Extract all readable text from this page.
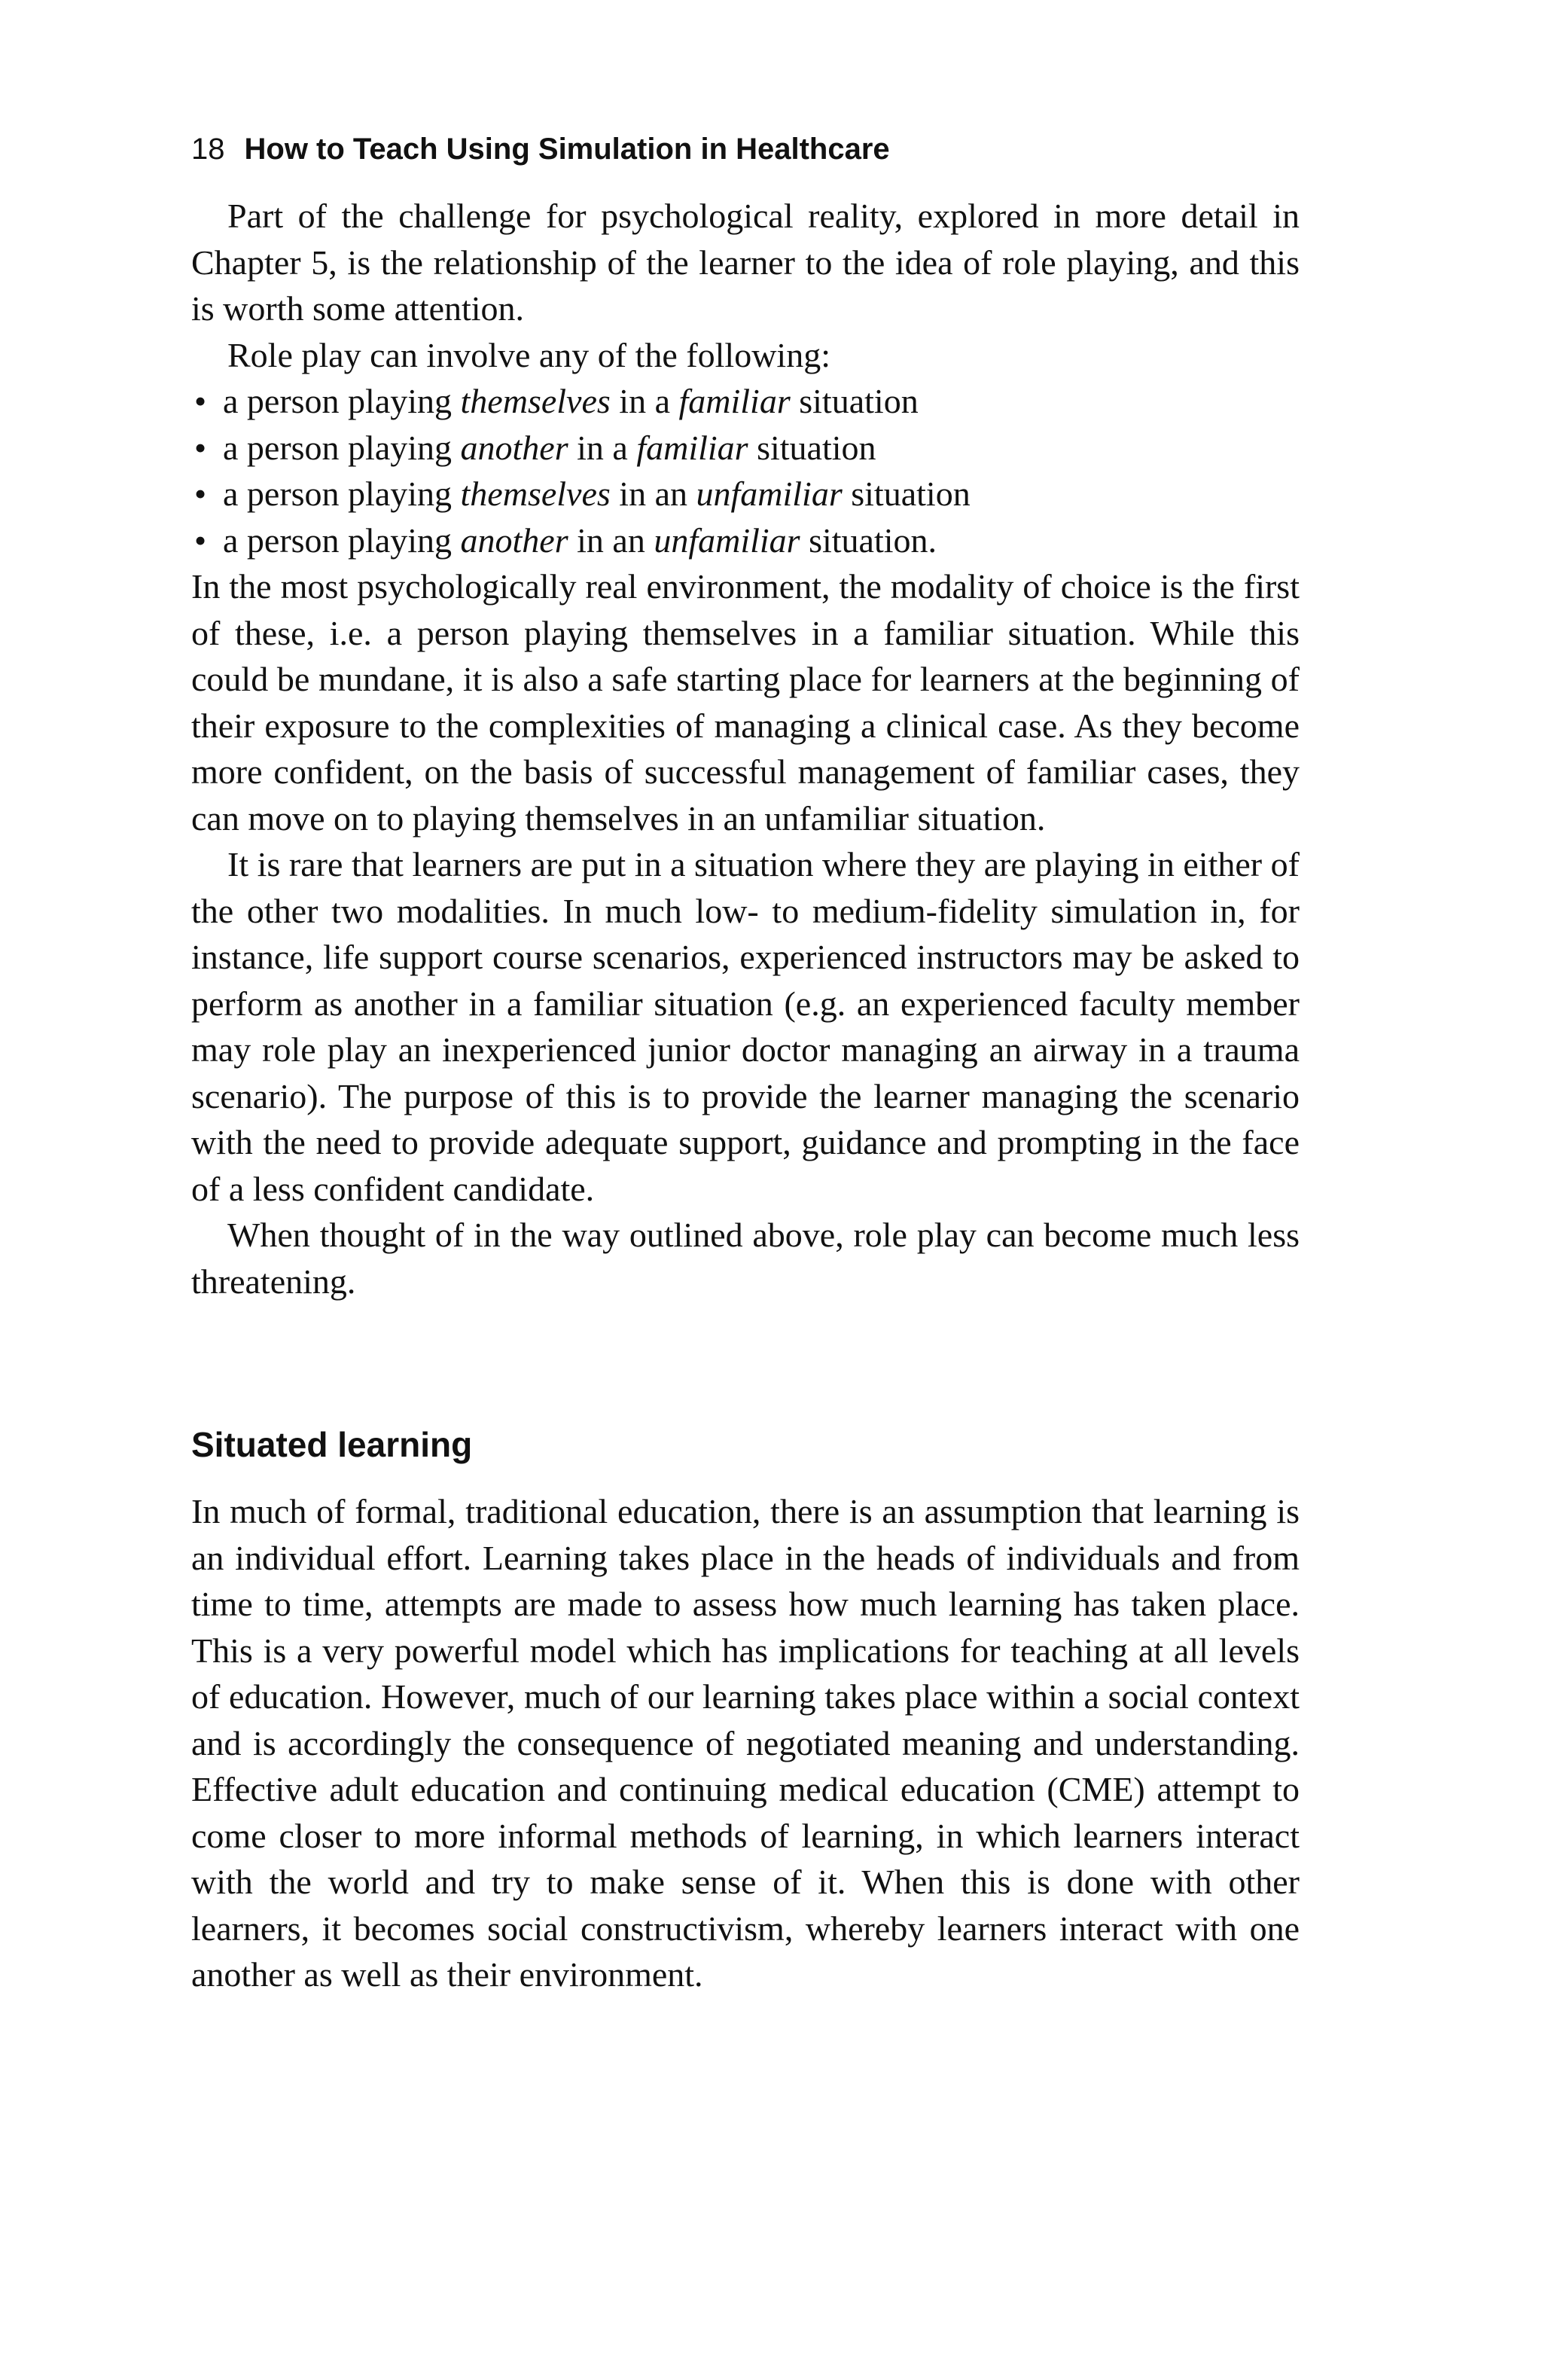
18 How to Teach Using Simulation in Healthcare

Part of the challenge for psychological reality, explored in more detail in Chapter 5, is the relationship of the learner to the idea of role playing, and this is worth some attention.

Role play can involve any of the following:

• a person playing themselves in a familiar situation
• a person playing another in a familiar situation
• a person playing themselves in an unfamiliar situation
• a person playing another in an unfamiliar situation.

In the most psychologically real environment, the modality of choice is the first of these, i.e. a person playing themselves in a familiar situation. While this could be mundane, it is also a safe starting place for learners at the beginning of their exposure to the complexities of managing a clinical case. As they become more confident, on the basis of successful management of familiar cases, they can move on to playing themselves in an unfamiliar situation.

It is rare that learners are put in a situation where they are playing in either of the other two modalities. In much low- to medium-fidelity simulation in, for instance, life support course scenarios, experienced instructors may be asked to perform as another in a familiar situation (e.g. an experienced faculty member may role play an inexperienced junior doctor managing an airway in a trauma scenario). The purpose of this is to provide the learner managing the scenario with the need to provide adequate support, guidance and prompting in the face of a less confident candidate.

When thought of in the way outlined above, role play can become much less threatening.

Situated learning

In much of formal, traditional education, there is an assumption that learning is an individual effort. Learning takes place in the heads of individuals and from time to time, attempts are made to assess how much learning has taken place. This is a very powerful model which has implications for teaching at all levels of education. However, much of our learning takes place within a social context and is accordingly the consequence of negotiated meaning and understanding. Effective adult education and continuing medical education (CME) attempt to come closer to more informal methods of learning, in which learners interact with the world and try to make sense of it. When this is done with other learners, it becomes social constructivism, whereby learners interact with one another as well as their environment.
